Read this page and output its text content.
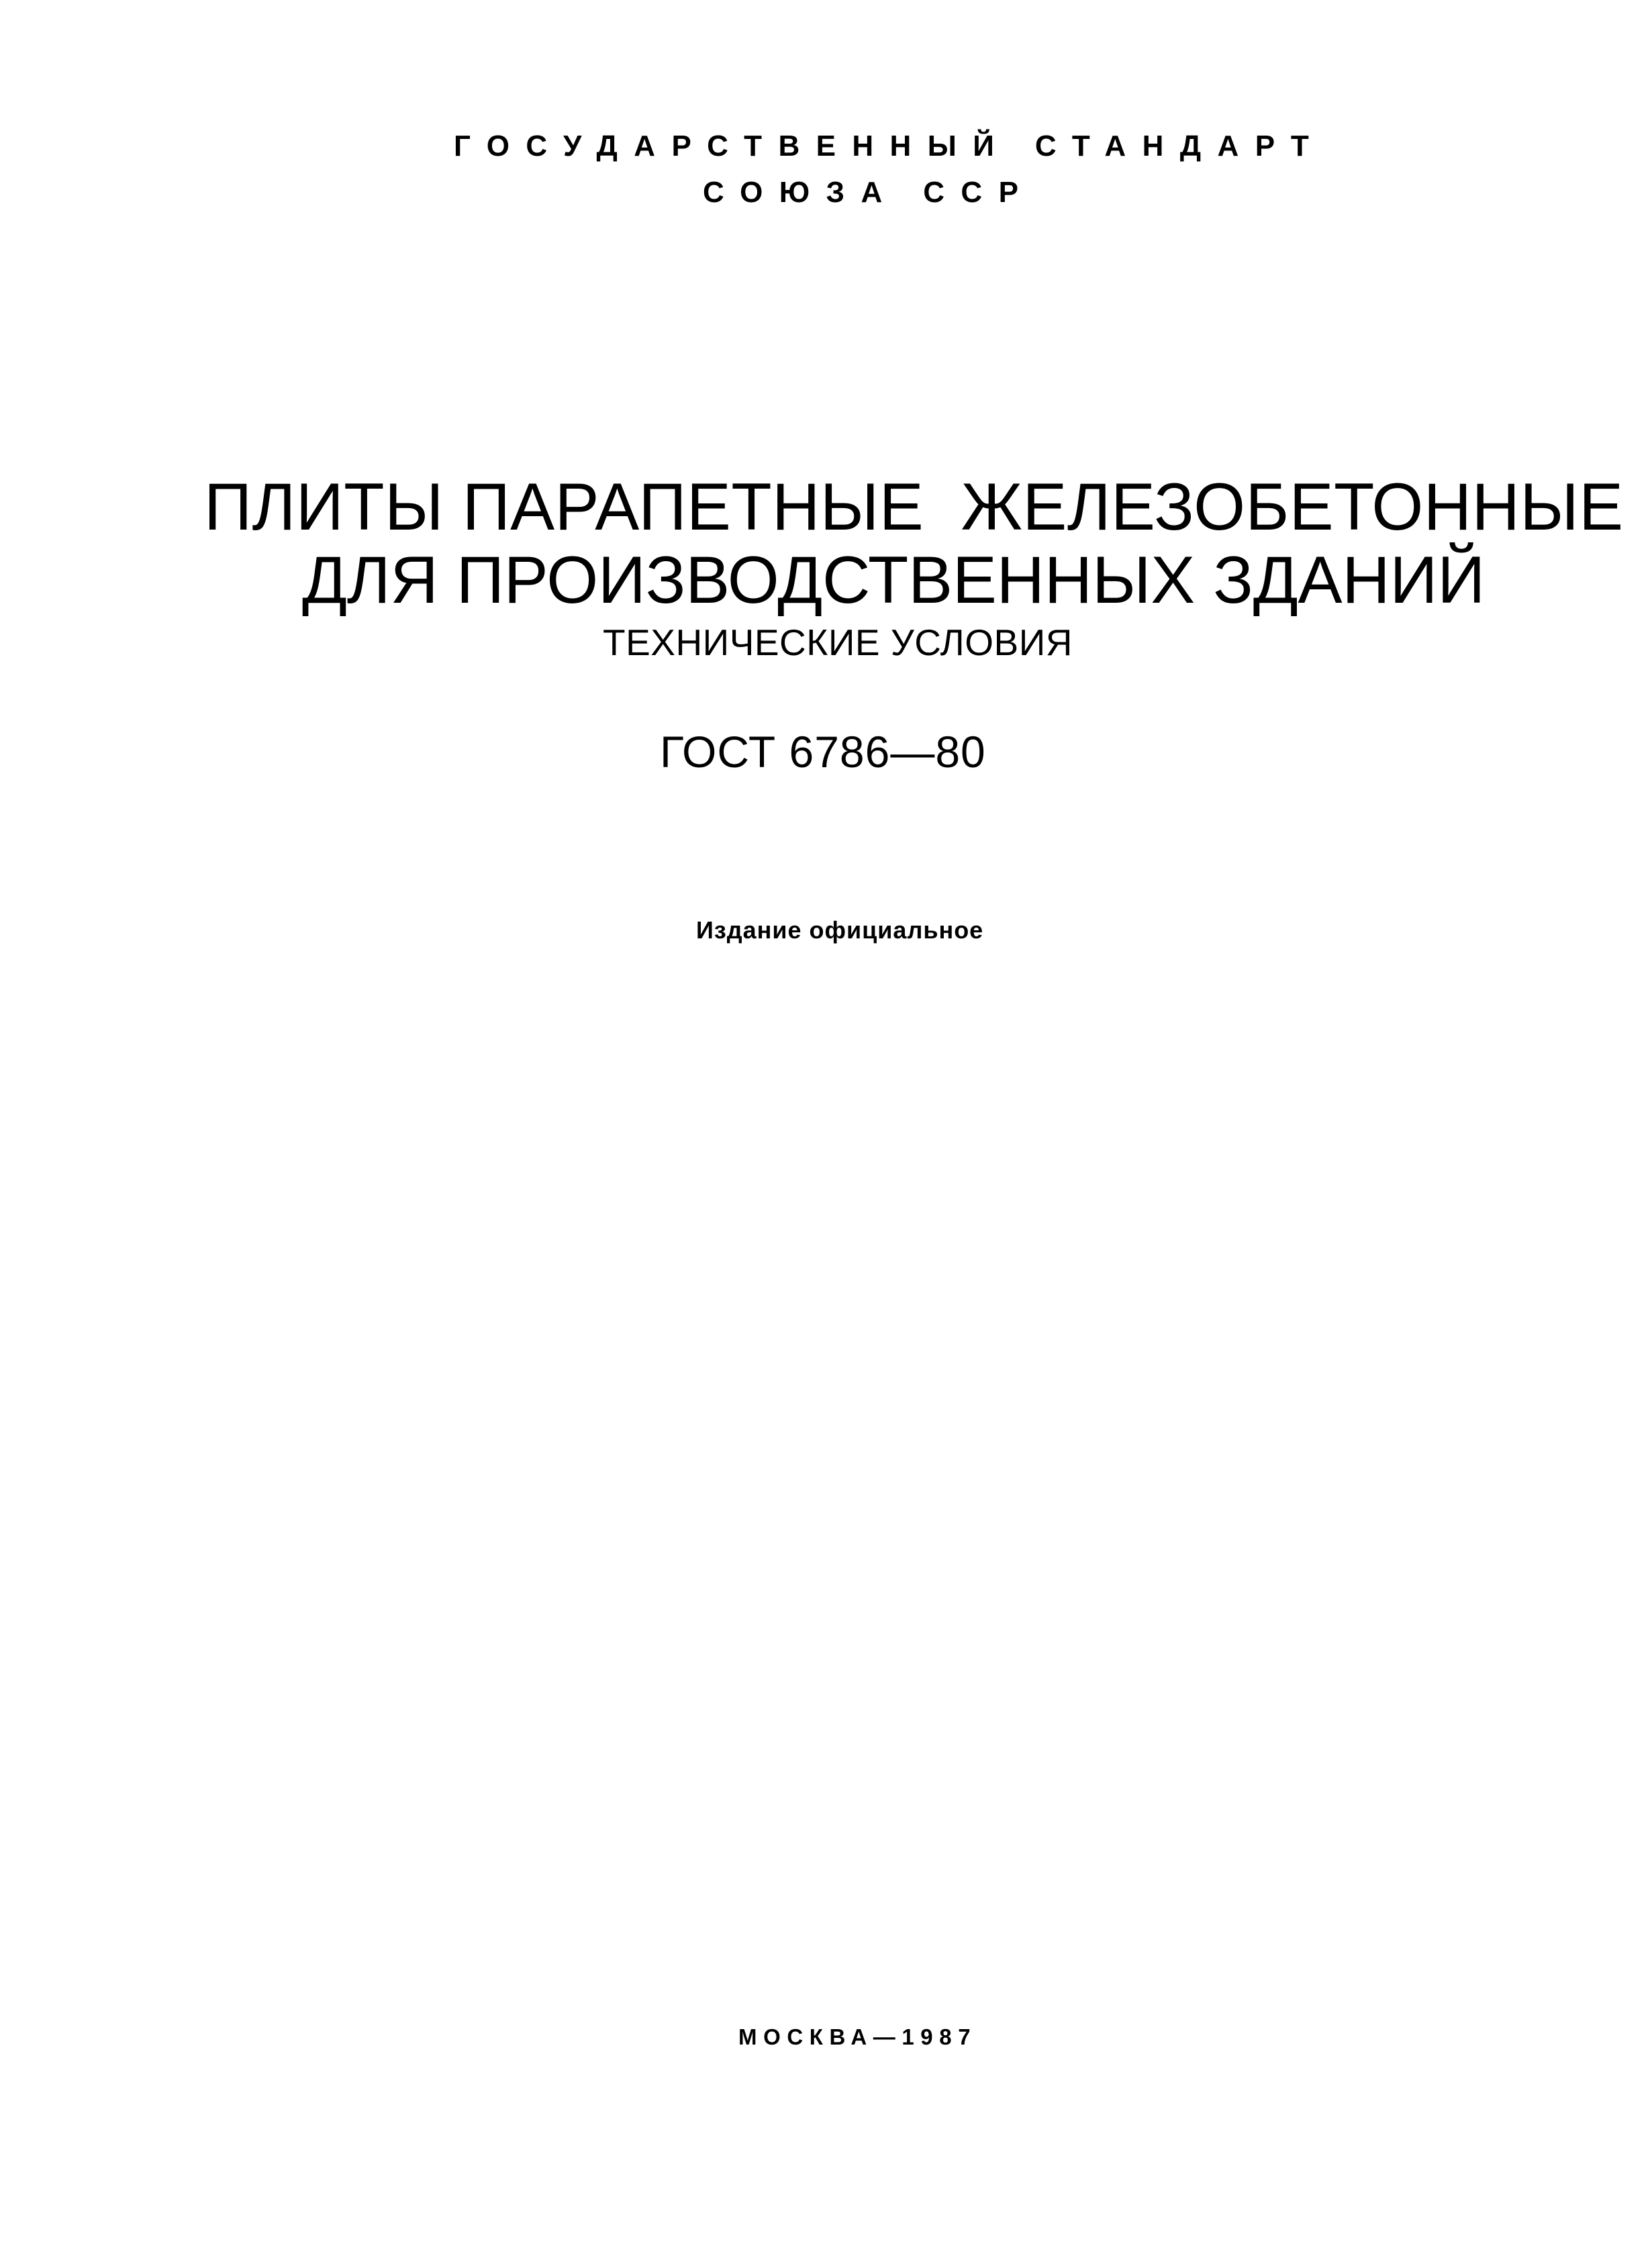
ГОСУДАРСТВЕННЫЙ СТАНДАРТ
СОЮЗА ССР
ПЛИТЫ ПАРАПЕТНЫЕ  ЖЕЛЕЗОБЕТОННЫЕ
ДЛЯ ПРОИЗВОДСТВЕННЫХ ЗДАНИЙ
ТЕХНИЧЕСКИЕ УСЛОВИЯ
ГОСТ 6786—80
Издание официальное
МОСКВА—1987
